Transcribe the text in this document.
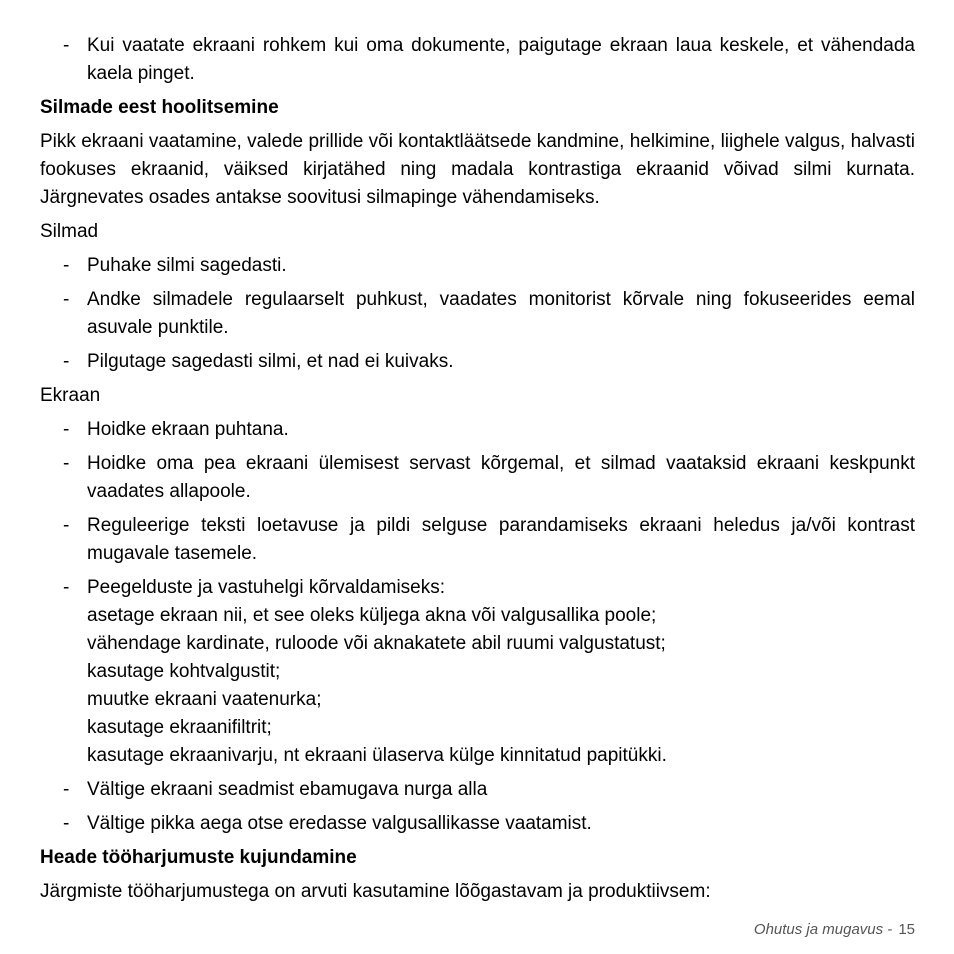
- Kui vaatate ekraani rohkem kui oma dokumente, paigutage ekraan laua keskele, et vähendada kaela pinget.
Silmade eest hoolitsemine
Pikk ekraani vaatamine, valede prillide või kontaktläätsede kandmine, helkimine, liighele valgus, halvasti fookuses ekraanid, väiksed kirjatähed ning madala kontrastiga ekraanid võivad silmi kurnata. Järgnevates osades antakse soovitusi silmapinge vähendamiseks.
Silmad
- Puhake silmi sagedasti.
- Andke silmadele regulaarselt puhkust, vaadates monitorist kõrvale ning fokuseerides eemal asuvale punktile.
- Pilgutage sagedasti silmi, et nad ei kuivaks.
Ekraan
- Hoidke ekraan puhtana.
- Hoidke oma pea ekraani ülemisest servast kõrgemal, et silmad vaataksid ekraani keskpunkt vaadates allapoole.
- Reguleerige teksti loetavuse ja pildi selguse parandamiseks ekraani heledus ja/või kontrast mugavale tasemele.
- Peegelduste ja vastuhelgi kõrvaldamiseks:
asetage ekraan nii, et see oleks küljega akna või valgusallika poole;
vähendage kardinate, ruloode või aknakatete abil ruumi valgustatust;
kasutage kohtvalgustit;
muutke ekraani vaatenurka;
kasutage ekraanifiltrit;
kasutage ekraanivarju, nt ekraani ülaserva külge kinnitatud papitükki.
- Vältige ekraani seadmist ebamugava nurga alla
- Vältige pikka aega otse eredasse valgusallikasse vaatamist.
Heade tööharjumuste kujundamine
Järgmiste tööharjumustega on arvuti kasutamine lõõgastavam ja produktiivsem:
Ohutus ja mugavus - 15
